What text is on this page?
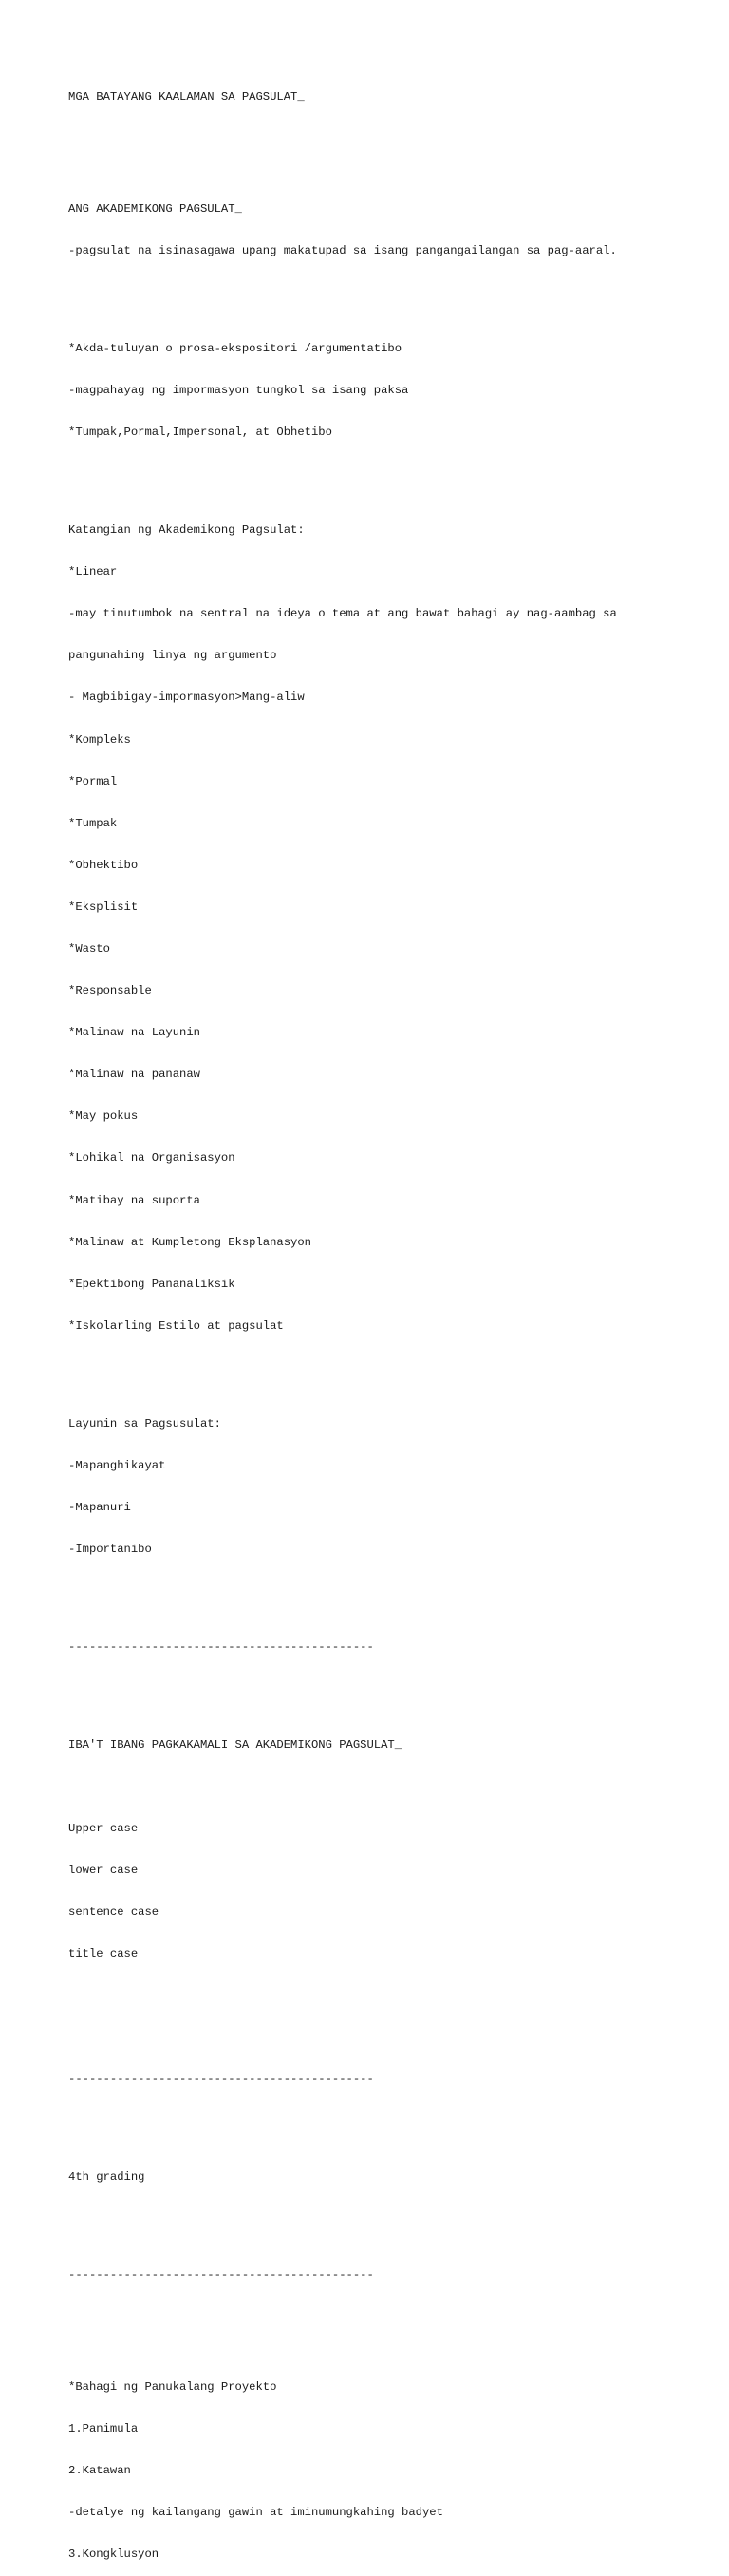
MGA BATAYANG KAALAMAN SA PAGSULAT_

ANG AKADEMIKONG PAGSULAT_

-pagsulat na isinasagawa upang makatupad sa isang pangangailangan sa pag-aaral.

*Akda-tuluyan o prosa-ekspositori /argumentatibo

-magpahayag ng impormasyon tungkol sa isang paksa

*Tumpak,Pormal,Impersonal, at Obhetibo

Katangian ng Akademikong Pagsulat:

*Linear

-may tinutumbok na sentral na ideya o tema at ang bawat bahagi ay nag-aambag sa

pangunahing linya ng argumento

- Magbibigay-impormasyon>Mang-aliw

*Kompleks

*Pormal

*Tumpak

*Obhektibo

*Eksplisit

*Wasto

*Responsable

*Malinaw na Layunin

*Malinaw na pananaw

*May pokus

*Lohikal na Organisasyon

*Matibay na suporta

*Malinaw at Kumpletong Eksplanasyon

*Epektibong Pananaliksik

*Iskolarling Estilo at pagsulat

Layunin sa Pagsusulat:

-Mapanghikayat

-Mapanuri

-Importanibo

--------------------------------------------

IBA'T IBANG PAGKAKAMALI SA AKADEMIKONG PAGSULAT_

Upper case

lower case

sentence case

title case

--------------------------------------------

4th grading

--------------------------------------------

*Bahagi ng Panukalang Proyekto

1.Panimula

2.Katawan

-detalye ng kailangang gawin at iminumungkahing badyet

3.Kongklusyon
